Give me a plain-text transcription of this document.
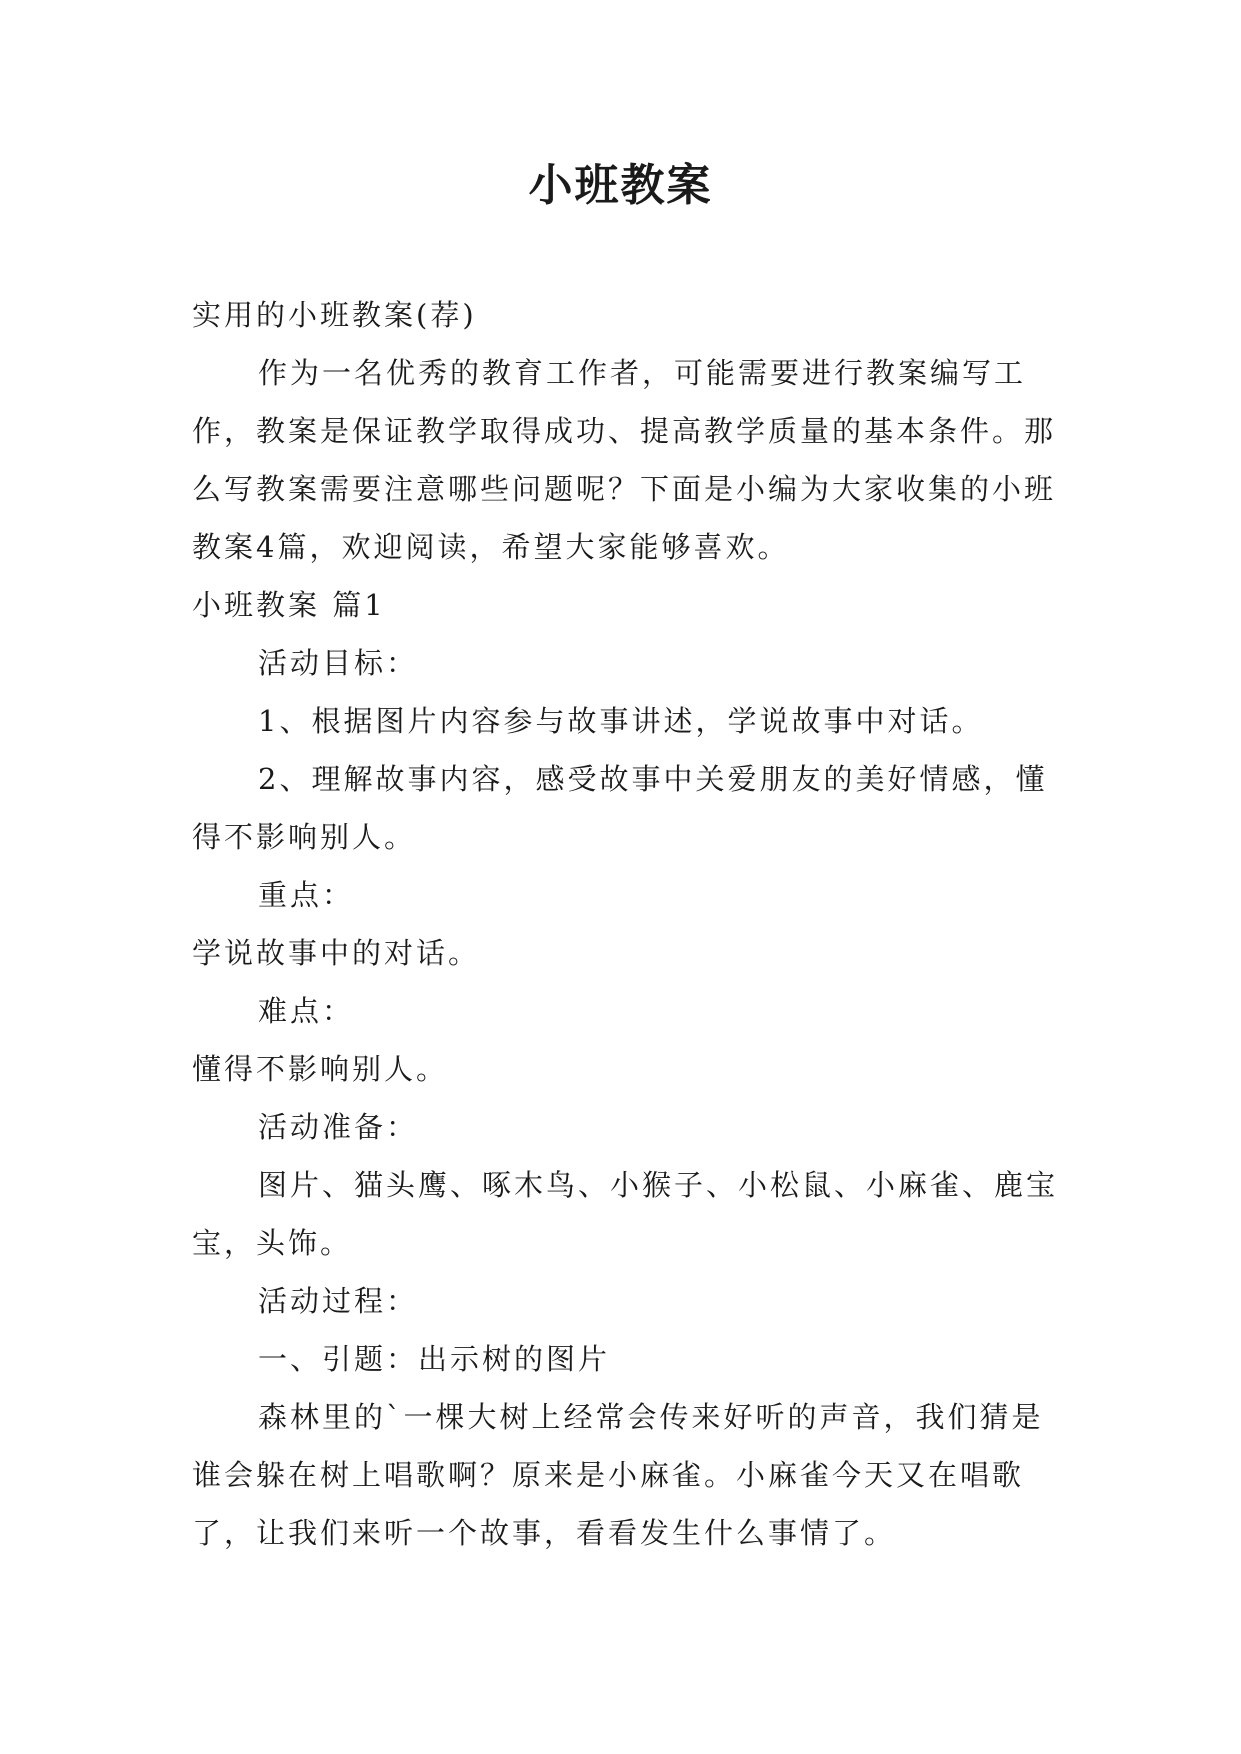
小班教案

实用的小班教案(荐)

作为一名优秀的教育工作者，可能需要进行教案编写工作，教案是保证教学取得成功、提高教学质量的基本条件。那么写教案需要注意哪些问题呢？下面是小编为大家收集的小班教案4篇，欢迎阅读，希望大家能够喜欢。

小班教案 篇1

活动目标：

1、根据图片内容参与故事讲述，学说故事中对话。

2、理解故事内容，感受故事中关爱朋友的美好情感，懂得不影响别人。

重点：

学说故事中的对话。

难点：

懂得不影响别人。

活动准备：

图片、猫头鹰、啄木鸟、小猴子、小松鼠、小麻雀、鹿宝宝，头饰。

活动过程：

一、引题：出示树的图片

森林里的`一棵大树上经常会传来好听的声音，我们猜是谁会躲在树上唱歌啊？原来是小麻雀。小麻雀今天又在唱歌了，让我们来听一个故事，看看发生什么事情了。
